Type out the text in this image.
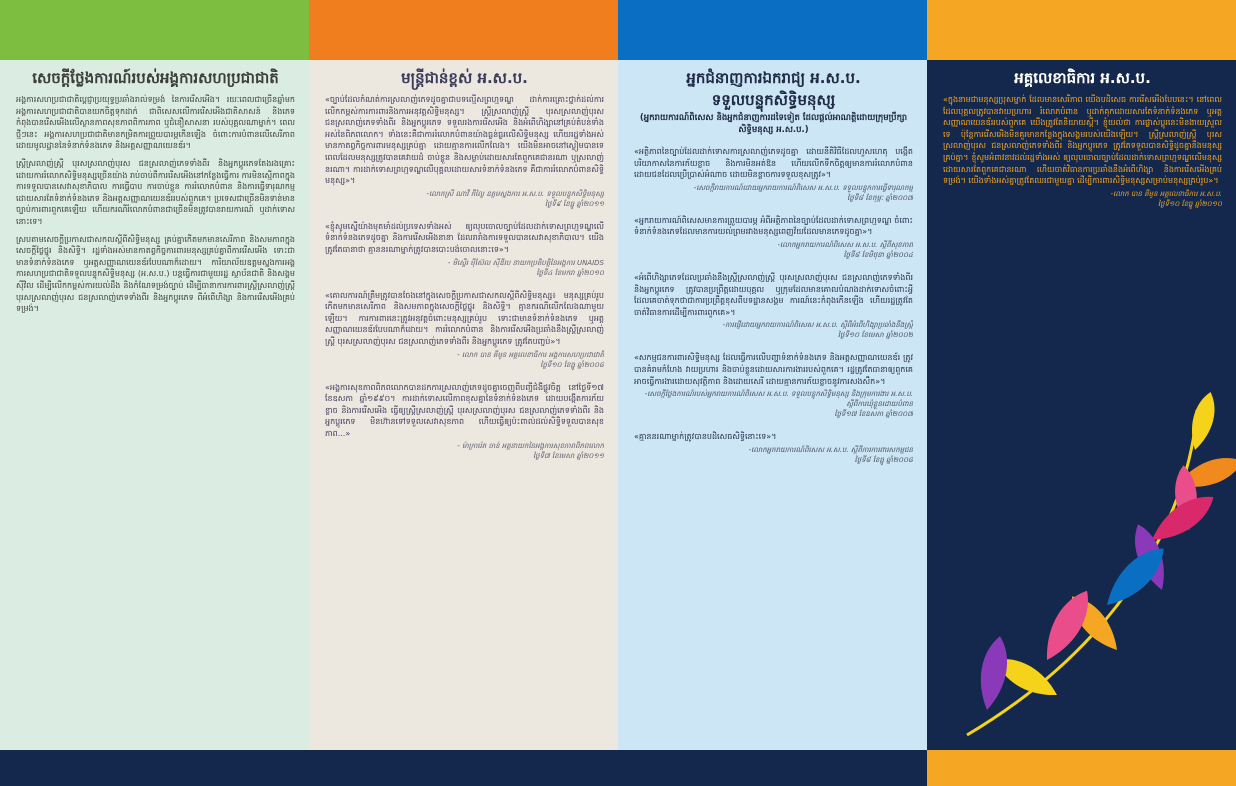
សេចក្ដីថ្លែងការណ៍របស់អង្គការសហប្រជាជាតិ

អង្គការសហប្រជាជាតិប្ដេជ្ញាប្រយុទ្ធប្រឆាំងរាល់ទម្រង់ នៃការរើសអើង។ រយៈពេលជាច្រើនឆ្នាំមក អង្គការសហប្រជាជាតិបានយកចិត្តទុកដាក់ ជាពិសេសលើការរើសអើងជាតិសាសន៍ និងភេទ កំពុងបានរើសអើងលើស្ថានភាពសុខភាពពិការភាព ឬជំនឿសាសនា របស់បុគ្គលណាម្នាក់។ ពេលថ្មីៗនេះ អង្គការសហប្រជាជាតិមានកម្រិតការព្រួយបារម្ភកើនឡើង ចំពោះការបំពានលើសេរីភាពដោយមូលដ្ឋាននៃទំនាក់ទំនងភេទ និងអត្តសញ្ញាណយេនឌ័រ។

ស្ត្រីស្រលាញ់ស្ត្រី បុរសស្រលាញ់បុរស ជនស្រលាញ់ភេទទាំងពីរ និងអ្នកប្ដូរភេទតែងរងគ្រោះដោយការរំលោភសិទ្ធិមនុស្សច្រើនយ៉ាង រាប់ចាប់ពីការរើសអើងនៅកន្លែងធ្វើការ ការមិនស្មើភាពក្នុងការទទួលបានសេវាសុខាភិបាល ការធ្វើបាប ការចាប់ខ្លួន ការរំលោភបំពាន និងការធ្វើទារុណកម្មដោយសារតែទំនាក់ទំនងភេទ និងអត្តសញ្ញាណយេនឌ័ររបស់ពួកគេ។ ប្រទេសជាច្រើនមិនទាន់មានច្បាប់ការពារពួកគេឡើយ ហើយករណីរំលោភបំពានជាច្រើនមិនត្រូវបានរាយការណ៍ ឬដាក់ទោសនោះទេ។

ស្របតាមសេចក្ដីប្រកាសជាសកលស្ដីពីសិទ្ធិមនុស្ស គ្រប់គ្នាកើតមកមានសេរីភាព និងសមភាពក្នុងសេចក្ដីថ្លៃថ្នូរ និងសិទ្ធិ។ រដ្ឋទាំងអស់មានកាតព្វកិច្ចការពារមនុស្សគ្រប់គ្នាពីការរើសអើង ទោះជាមានទំនាក់ទំនងភេទ ឬអត្តសញ្ញាណយេនឌ័របែបណាក៏ដោយ។ ការិយាល័យឧត្ដមស្នងការអង្គការសហប្រជាជាតិទទួលបន្ទុកសិទ្ធិមនុស្ស (អ.ស.ប.) បន្តធ្វើការជាមួយរដ្ឋ ស្ថាប័នជាតិ និងសង្គមស៊ីវិល ដើម្បីលើកកម្ពស់ការយល់ដឹង និងកំណែទម្រង់ច្បាប់ ដើម្បីធានាការការពារស្ត្រីស្រលាញ់ស្ត្រី បុរសស្រលាញ់បុរស ជនស្រលាញ់ភេទទាំងពីរ និងអ្នកប្ដូរភេទ ពីអំពើហិង្សា និងការរើសអើងគ្រប់ទម្រង់។

មន្ត្រីជាន់ខ្ពស់ អ.ស.ប.

«ច្បាប់ដែលកំណត់ការស្រលាញ់ភេទដូចគ្នាជាបទល្មើសព្រហ្មទណ្ឌ ដាក់ការគ្រោះថ្នាក់ដល់ការលើកកម្ពស់ការការពារនិងការអនុវត្តសិទ្ធិមនុស្ស។ ស្ត្រីស្រលាញ់ស្ត្រី បុរសស្រលាញ់បុរស ជនស្រលាញ់ភេទទាំងពីរ និងអ្នកប្ដូរភេទ ទទួលរងការរើសអើង និងអំពើហិង្សានៅគ្រប់តំបន់ទាំងអស់នៃពិភពលោក។ ទាំងនេះគឺជាការរំលោភបំពានយ៉ាងធ្ងន់ធ្ងរលើសិទ្ធិមនុស្ស ហើយរដ្ឋទាំងអស់មានកាតព្វកិច្ចការពារមនុស្សគ្រប់គ្នា ដោយគ្មានការលើកលែង។ យើងមិនអាចនៅស្ងៀមបានទេ ពេលដែលមនុស្សត្រូវបានគេវាយដំ ចាប់ខ្លួន និងសម្លាប់ដោយសារតែពួកគេជានរណា ឬស្រលាញ់នរណា។ ការដាក់ទោសព្រហ្មទណ្ឌលើបុគ្គលដោយសារទំនាក់ទំនងភេទ គឺជាការរំលោភបំពានសិទ្ធិមនុស្ស»។

-លោកស្រី ណាវី ភីល្លៃ ឧត្ដមស្នងការ អ.ស.ប. ទទួលបន្ទុកសិទ្ធិមនុស្ស
ថ្ងៃទី៩ ខែធ្នូ ឆ្នាំ២០១១

«ខ្ញុំសូមស្នើយ៉ាងមុតមាំដល់ប្រទេសទាំងអស់ ឲ្យលុបចោលច្បាប់ដែលដាក់ទោសព្រហ្មទណ្ឌលើទំនាក់ទំនងភេទដូចគ្នា និងការរើសអើងនានា ដែលរារាំងការទទួលបានសេវាសុខាភិបាល។ យើងត្រូវតែធានាថា គ្មាននរណាម្នាក់ត្រូវបានបោះបង់ចោលនោះទេ»។

- មិស្ទើរ ម៉ីស៊ែល ស៊ីឌីបេ នាយកប្រតិបត្តិនៃអង្គការ UNAIDS
ថ្ងៃទី៤ ខែមករា ឆ្នាំ២០១០

«គោលការណ៍ត្រឹមត្រូវបានចែងនៅក្នុងសេចក្ដីប្រកាសជាសកលស្ដីពីសិទ្ធិមនុស្ស៖ មនុស្សគ្រប់រូបកើតមកមានសេរីភាព និងសមភាពក្នុងសេចក្ដីថ្លៃថ្នូរ និងសិទ្ធិ។ គ្មានករណីលើកលែងណាមួយឡើយ។ ការការពារនេះត្រូវអនុវត្តចំពោះមនុស្សគ្រប់រូប ទោះជាមានទំនាក់ទំនងភេទ ឬអត្តសញ្ញាណយេនឌ័របែបណាក៏ដោយ។ ការរំលោភបំពាន និងការរើសអើងប្រឆាំងនឹងស្ត្រីស្រលាញ់ស្ត្រី បុរសស្រលាញ់បុរស ជនស្រលាញ់ភេទទាំងពីរ និងអ្នកប្ដូរភេទ ត្រូវតែបញ្ចប់»។

- លោក បាន គីមូន អគ្គលេខាធិការ អង្គការសហប្រជាជាតិ
ថ្ងៃទី១០ ខែធ្នូ ឆ្នាំ២០០៨

«អង្គការសុខភាពពិភពលោកបានដកការស្រលាញ់ភេទដូចគ្នាចេញពីបញ្ជីជំងឺផ្លូវចិត្ត នៅថ្ងៃទី១៧ ខែឧសភា ឆ្នាំ១៩៩០។ ការដាក់ទោសលើភាពខុសគ្នានៃទំនាក់ទំនងភេទ ដោយបង្កើតការភ័យខ្លាច និងការរើសអើង ធ្វើឲ្យស្ត្រីស្រលាញ់ស្ត្រី បុរសស្រលាញ់បុរស ជនស្រលាញ់ភេទទាំងពីរ និងអ្នកប្ដូរភេទ មិនហ៊ានទៅទទួលសេវាសុខភាព ហើយធ្វើឲ្យប៉ះពាល់ដល់សិទ្ធិទទួលបានសុខភាព...»

- ម៉ាក្រារ៉េត ចាន់ អគ្គនាយកនៃអង្គការសុខភាពពិភពលោក
ថ្ងៃទី៧ ខែមេសា ឆ្នាំ២០១១

អ្នកជំនាញការឯករាជ្យ អ.ស.ប.
ទទួលបន្ទុកសិទ្ធិមនុស្ស

(អ្នករាយការណ៍ពិសេស និងអ្នកជំនាញការដទៃទៀត ដែលផ្ដល់អាណត្តិដោយក្រុមប្រឹក្សាសិទ្ធិមនុស្ស អ.ស.ប.)

«អត្ថិភាពនៃច្បាប់ដែលដាក់ទោសការស្រលាញ់ភេទដូចគ្នា ដោយនីតិវិធីដែលហួសហេតុ បង្កើតបរិយាកាសនៃការភ័យខ្លាច និងការមិនអត់ឱន ហើយលើកទឹកចិត្តឲ្យមានការរំលោភបំពានដោយជនដែលប្រើប្រាស់អំណាច ដោយមិនខ្លាចការទទួលខុសត្រូវ»។

-សេចក្ដីរាយការណ៍ដោយអ្នករាយការណ៍ពិសេស អ.ស.ប. ទទួលបន្ទុកការធ្វើទារុណកម្ម
ថ្ងៃទី៨ ខែកុម្ភៈ ឆ្នាំ២០០៧

«អ្នករាយការណ៍ពិសេសមានការព្រួយបារម្ភ អំពីអត្ថិភាពនៃច្បាប់ដែលដាក់ទោសព្រហ្មទណ្ឌ ចំពោះទំនាក់ទំនងភេទដែលមានការយល់ព្រមរវាងមនុស្សពេញវ័យដែលមានភេទដូចគ្នា»។

-លោកអ្នករាយការណ៍ពិសេស អ.ស.ប. ស្ដីពីសុខភាព
ថ្ងៃទី៨ ខែមិថុនា ឆ្នាំ២០០៤

«អំពើហិង្សាភេទដែលប្រឆាំងនឹងស្ត្រីស្រលាញ់ស្ត្រី បុរសស្រលាញ់បុរស ជនស្រលាញ់ភេទទាំងពីរ និងអ្នកប្ដូរភេទ ត្រូវបានប្រព្រឹត្តដោយបុគ្គល ឬក្រុមដែលមានគោលបំណងដាក់ទោសចំពោះអ្វីដែលគេចាត់ទុកថាជាការប្រព្រឹត្តខុសពីបទដ្ឋានសង្គម ការណ៍នេះកំពុងកើនឡើង ហើយរដ្ឋត្រូវតែចាត់វិធានការដើម្បីការពារពួកគេ»។

-ការផ្ញើដោយអ្នករាយការណ៍ពិសេស អ.ស.ប. ស្ដីពីអំពើហិង្សាប្រឆាំងនឹងស្ត្រី
ថ្ងៃទី១០ ខែមេសា ឆ្នាំ២០០២

«សកម្មជនការពារសិទ្ធិមនុស្ស ដែលធ្វើការលើបញ្ហាទំនាក់ទំនងភេទ និងអត្តសញ្ញាណយេនឌ័រ ត្រូវបានគំរាមកំហែង វាយប្រហារ និងចាប់ខ្លួនដោយសារការងាររបស់ពួកគេ។ រដ្ឋត្រូវតែធានាឲ្យពួកគេអាចធ្វើការងារដោយសុវត្ថិភាព និងដោយសេរី ដោយគ្មានការភ័យខ្លាចនូវការសងសឹក»។

-សេចក្ដីថ្លែងការណ៍របស់អ្នករាយការណ៍ពិសេស អ.ស.ប. ទទួលបន្ទុកសិទ្ធិមនុស្ស និងក្រុមការងារ អ.ស.ប. ស្ដីពីការឃុំខ្លួនដោយបំពាន
ថ្ងៃទី១៧ ខែឧសភា ឆ្នាំ២០០៧

«គ្មាននរណាម្នាក់ត្រូវបានបដិសេធសិទ្ធិនោះទេ»។

-លោកអ្នករាយការណ៍ពិសេស អ.ស.ប. ស្ដីពីការការពារសកម្មជន
ថ្ងៃទី៨ ខែធ្នូ ឆ្នាំ២០០៨

អគ្គលេខាធិការ អ.ស.ប.

«ក្នុងនាមជាមនុស្សប្រុសម្នាក់ ដែលមានសេរីភាព យើងបដិសេធ ការរើសអើងបែបនេះ។ នៅពេលដែលបុគ្គលត្រូវបានវាយប្រហារ រំលោភបំពាន ឬដាក់គុកដោយសារតែទំនាក់ទំនងភេទ ឬអត្តសញ្ញាណយេនឌ័ររបស់ពួកគេ យើងត្រូវតែនិយាយស្ដី។ ខ្ញុំយល់ថា ការផ្លាស់ប្ដូរនេះមិនងាយស្រួលទេ ប៉ុន្តែការរើសអើងមិនគួរមានកន្លែងក្នុងសង្គមរបស់យើងឡើយ។ ស្ត្រីស្រលាញ់ស្ត្រី បុរសស្រលាញ់បុរស ជនស្រលាញ់ភេទទាំងពីរ និងអ្នកប្ដូរភេទ ត្រូវតែទទួលបានសិទ្ធិដូចគ្នានឹងមនុស្សគ្រប់គ្នា។ ខ្ញុំសូមអំពាវនាវដល់រដ្ឋទាំងអស់ ឲ្យលុបចោលច្បាប់ដែលដាក់ទោសព្រហ្មទណ្ឌលើមនុស្សដោយសារតែពួកគេជានរណា ហើយចាត់វិធានការប្រឆាំងនឹងអំពើហិង្សា និងការរើសអើងគ្រប់ទម្រង់។ យើងទាំងអស់គ្នាត្រូវតែឈរជាមួយគ្នា ដើម្បីការពារសិទ្ធិមនុស្សសម្រាប់មនុស្សគ្រប់រូប»។

-លោក បាន គីមូន អគ្គលេខាធិការ អ.ស.ប.
ថ្ងៃទី១០ ខែធ្នូ ឆ្នាំ២០១០
